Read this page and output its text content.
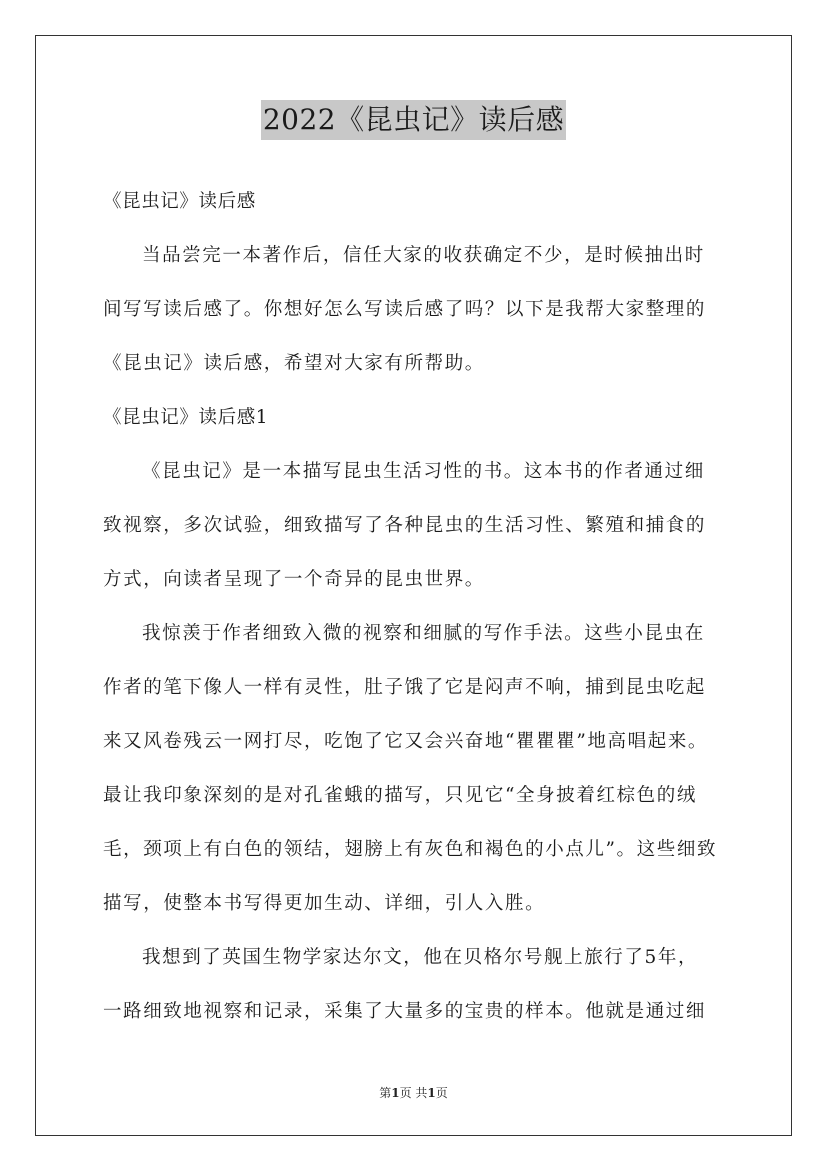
2022《昆虫记》读后感

《昆虫记》读后感

当品尝完一本著作后，信任大家的收获确定不少，是时候抽出时

间写写读后感了。你想好怎么写读后感了吗？以下是我帮大家整理的

《昆虫记》读后感，希望对大家有所帮助。

《昆虫记》读后感1

《昆虫记》是一本描写昆虫生活习性的书。这本书的作者通过细

致视察，多次试验，细致描写了各种昆虫的生活习性、繁殖和捕食的

方式，向读者呈现了一个奇异的昆虫世界。

我惊羡于作者细致入微的视察和细腻的写作手法。这些小昆虫在

作者的笔下像人一样有灵性，肚子饿了它是闷声不响，捕到昆虫吃起

来又风卷残云一网打尽，吃饱了它又会兴奋地“瞿瞿瞿”地高唱起来。

最让我印象深刻的是对孔雀蛾的描写，只见它“全身披着红棕色的绒

毛，颈项上有白色的领结，翅膀上有灰色和褐色的小点儿”。这些细致

描写，使整本书写得更加生动、详细，引人入胜。

我想到了英国生物学家达尔文，他在贝格尔号舰上旅行了5年，

一路细致地视察和记录，采集了大量多的宝贵的样本。他就是通过细

第1页 共1页
